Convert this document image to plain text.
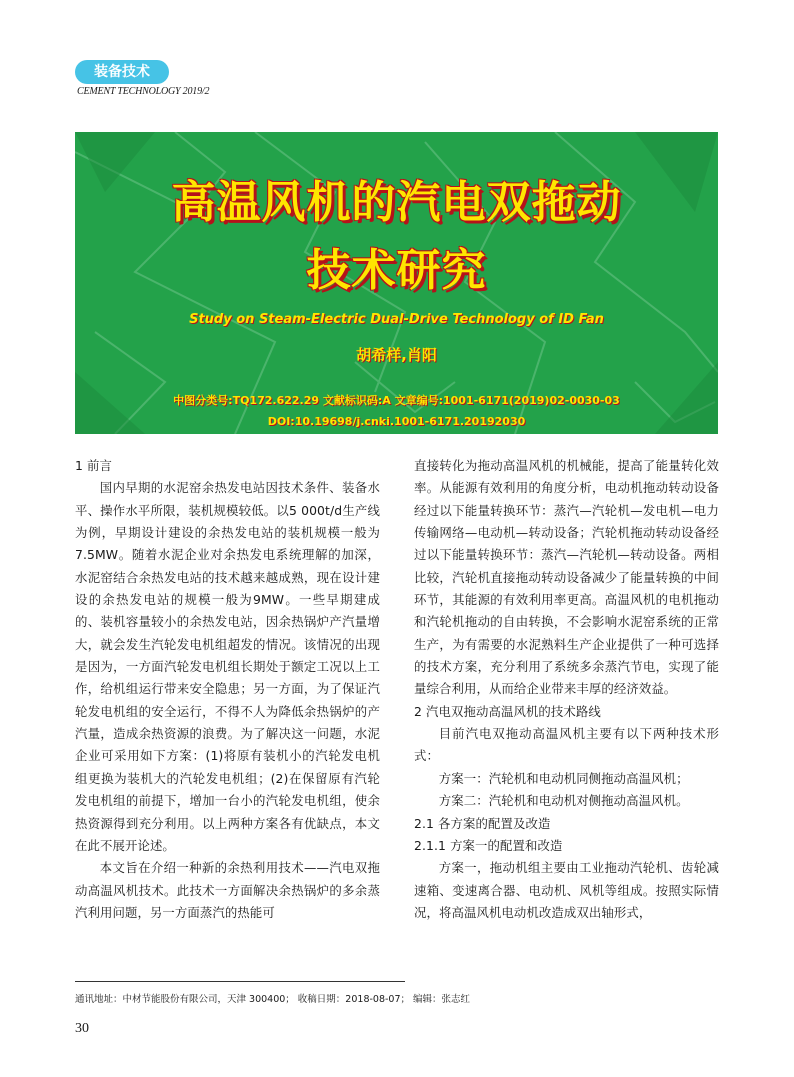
装备技术
CEMENT TECHNOLOGY 2019/2
高温风机的汽电双拖动
技术研究
Study on Steam-Electric Dual-Drive Technology of ID Fan
胡希样,肖阳
中图分类号:TQ172.622.29 文献标识码:A 文章编号:1001-6171(2019)02-0030-03
DOI:10.19698/j.cnki.1001-6171.20192030

1 前言

国内早期的水泥窑余热发电站因技术条件、装备水平、操作水平所限，装机规模较低。以5 000t/d生产线为例，早期设计建设的余热发电站的装机规模一般为7.5MW。随着水泥企业对余热发电系统理解的加深，水泥窑结合余热发电站的技术越来越成熟，现在设计建设的余热发电站的规模一般为9MW。一些早期建成的、装机容量较小的余热发电站，因余热锅炉产汽量增大，就会发生汽轮发电机组超发的情况。该情况的出现是因为，一方面汽轮发电机组长期处于额定工况以上工作，给机组运行带来安全隐患；另一方面，为了保证汽轮发电机组的安全运行，不得不人为降低余热锅炉的产汽量，造成余热资源的浪费。为了解决这一问题，水泥企业可采用如下方案：(1)将原有装机小的汽轮发电机组更换为装机大的汽轮发电机组；(2)在保留原有汽轮发电机组的前提下，增加一台小的汽轮发电机组，使余热资源得到充分利用。以上两种方案各有优缺点，本文在此不展开论述。

本文旨在介绍一种新的余热利用技术——汽电双拖动高温风机技术。此技术一方面解决余热锅炉的多余蒸汽利用问题，另一方面蒸汽的热能可

直接转化为拖动高温风机的机械能，提高了能量转化效率。从能源有效利用的角度分析，电动机拖动转动设备经过以下能量转换环节：蒸汽—汽轮机—发电机—电力传输网络—电动机—转动设备；汽轮机拖动转动设备经过以下能量转换环节：蒸汽—汽轮机—转动设备。两相比较，汽轮机直接拖动转动设备减少了能量转换的中间环节，其能源的有效利用率更高。高温风机的电机拖动和汽轮机拖动的自由转换，不会影响水泥窑系统的正常生产，为有需要的水泥熟料生产企业提供了一种可选择的技术方案，充分利用了系统多余蒸汽节电，实现了能量综合利用，从而给企业带来丰厚的经济效益。

2 汽电双拖动高温风机的技术路线

目前汽电双拖动高温风机主要有以下两种技术形式：

方案一：汽轮机和电动机同侧拖动高温风机；

方案二：汽轮机和电动机对侧拖动高温风机。

2.1 各方案的配置及改造

2.1.1 方案一的配置和改造

方案一，拖动机组主要由工业拖动汽轮机、齿轮减速箱、变速离合器、电动机、风机等组成。按照实际情况，将高温风机电动机改造成双出轴形式，

通讯地址：中材节能股份有限公司，天津 300400； 收稿日期：2018-08-07； 编辑：张志红
30
